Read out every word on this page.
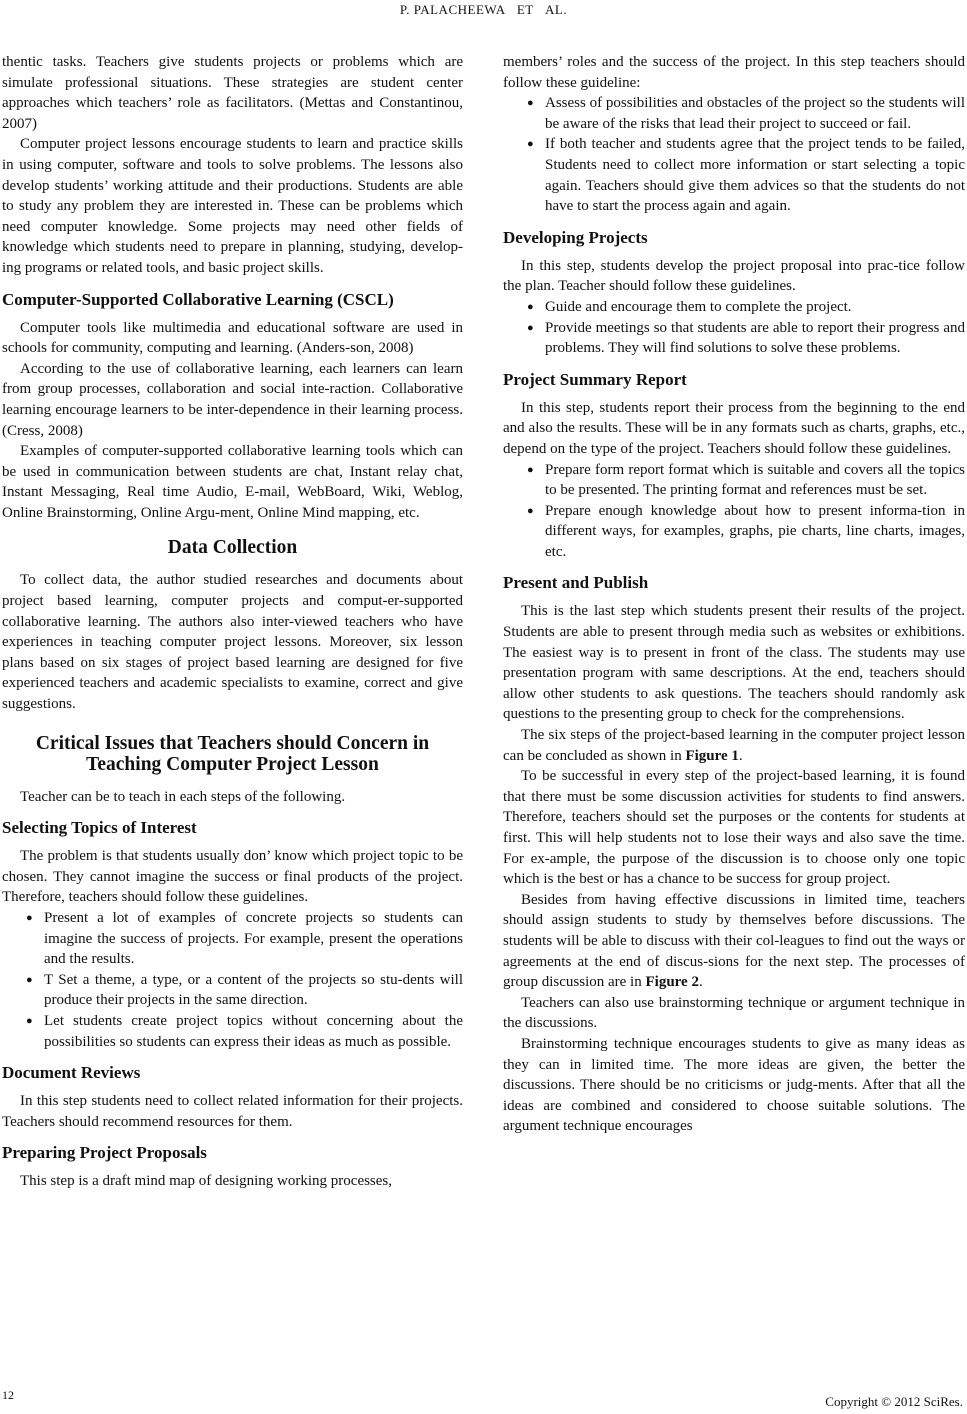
P. PALACHEEWA   ET   AL.

thentic tasks. Teachers give students projects or problems which are simulate professional situations. These strategies are student center approaches which teachers’ role as facilitators. (Mettas and Constantinou, 2007)

Computer project lessons encourage students to learn and practice skills in using computer, software and tools to solve problems. The lessons also develop students’ working attitude and their productions. Students are able to study any problem they are interested in. These can be problems which need computer knowledge. Some projects may need other fields of knowledge which students need to prepare in planning, studying, develop-ing programs or related tools, and basic project skills.

Computer-Supported Collaborative Learning (CSCL)

Computer tools like multimedia and educational software are used in schools for community, computing and learning. (Anders-son, 2008)

According to the use of collaborative learning, each learners can learn from group processes, collaboration and social inte-raction. Collaborative learning encourage learners to be inter-dependence in their learning process. (Cress, 2008)

Examples of computer-supported collaborative learning tools which can be used in communication between students are chat, Instant relay chat, Instant Messaging, Real time Audio, E-mail, WebBoard, Wiki, Weblog, Online Brainstorming, Online Argu-ment, Online Mind mapping, etc.

Data Collection

To collect data, the author studied researches and documents about project based learning, computer projects and comput-er-supported collaborative learning. The authors also inter-viewed teachers who have experiences in teaching computer project lessons. Moreover, six lesson plans based on six stages of project based learning are designed for five experienced teachers and academic specialists to examine, correct and give suggestions.

Critical Issues that Teachers should Concern in Teaching Computer Project Lesson

Teacher can be to teach in each steps of the following.

Selecting Topics of Interest

The problem is that students usually don’ know which project topic to be chosen. They cannot imagine the success or final products of the project. Therefore, teachers should follow these guidelines.

● Present a lot of examples of concrete projects so students can imagine the success of projects. For example, present the operations and the results.
● T Set a theme, a type, or a content of the projects so stu-dents will produce their projects in the same direction.
● Let students create project topics without concerning about the possibilities so students can express their ideas as much as possible.
Document Reviews

In this step students need to collect related information for their projects. Teachers should recommend resources for them.

Preparing Project Proposals

This step is a draft mind map of designing working processes,

members’ roles and the success of the project. In this step teachers should follow these guideline:

● Assess of possibilities and obstacles of the project so the students will be aware of the risks that lead their project to succeed or fail.
● If both teacher and students agree that the project tends to be failed, Students need to collect more information or start selecting a topic again. Teachers should give them advices so that the students do not have to start the process again and again.
Developing Projects

In this step, students develop the project proposal into prac-tice follow the plan. Teacher should follow these guidelines.

● Guide and encourage them to complete the project.
● Provide meetings so that students are able to report their progress and problems. They will find solutions to solve these problems.
Project Summary Report

In this step, students report their process from the beginning to the end and also the results. These will be in any formats such as charts, graphs, etc., depend on the type of the project. Teachers should follow these guidelines.

● Prepare form report format which is suitable and covers all the topics to be presented. The printing format and references must be set.
● Prepare enough knowledge about how to present informa-tion in different ways, for examples, graphs, pie charts, line charts, images, etc.
Present and Publish

This is the last step which students present their results of the project. Students are able to present through media such as websites or exhibitions. The easiest way is to present in front of the class. The students may use presentation program with same descriptions. At the end, teachers should allow other students to ask questions. The teachers should randomly ask questions to the presenting group to check for the comprehensions.

The six steps of the project-based learning in the computer project lesson can be concluded as shown in Figure 1.

To be successful in every step of the project-based learning, it is found that there must be some discussion activities for students to find answers. Therefore, teachers should set the purposes or the contents for students at first. This will help students not to lose their ways and also save the time. For ex-ample, the purpose of the discussion is to choose only one topic which is the best or has a chance to be success for group project.

Besides from having effective discussions in limited time, teachers should assign students to study by themselves before discussions. The students will be able to discuss with their col-leagues to find out the ways or agreements at the end of discus-sions for the next step. The processes of group discussion are in Figure 2.

Teachers can also use brainstorming technique or argument technique in the discussions.

Brainstorming technique encourages students to give as many ideas as they can in limited time. The more ideas are given, the better the discussions. There should be no criticisms or judg-ments. After that all the ideas are combined and considered to choose suitable solutions. The argument technique encourages

12	Copyright © 2012 SciRes.
